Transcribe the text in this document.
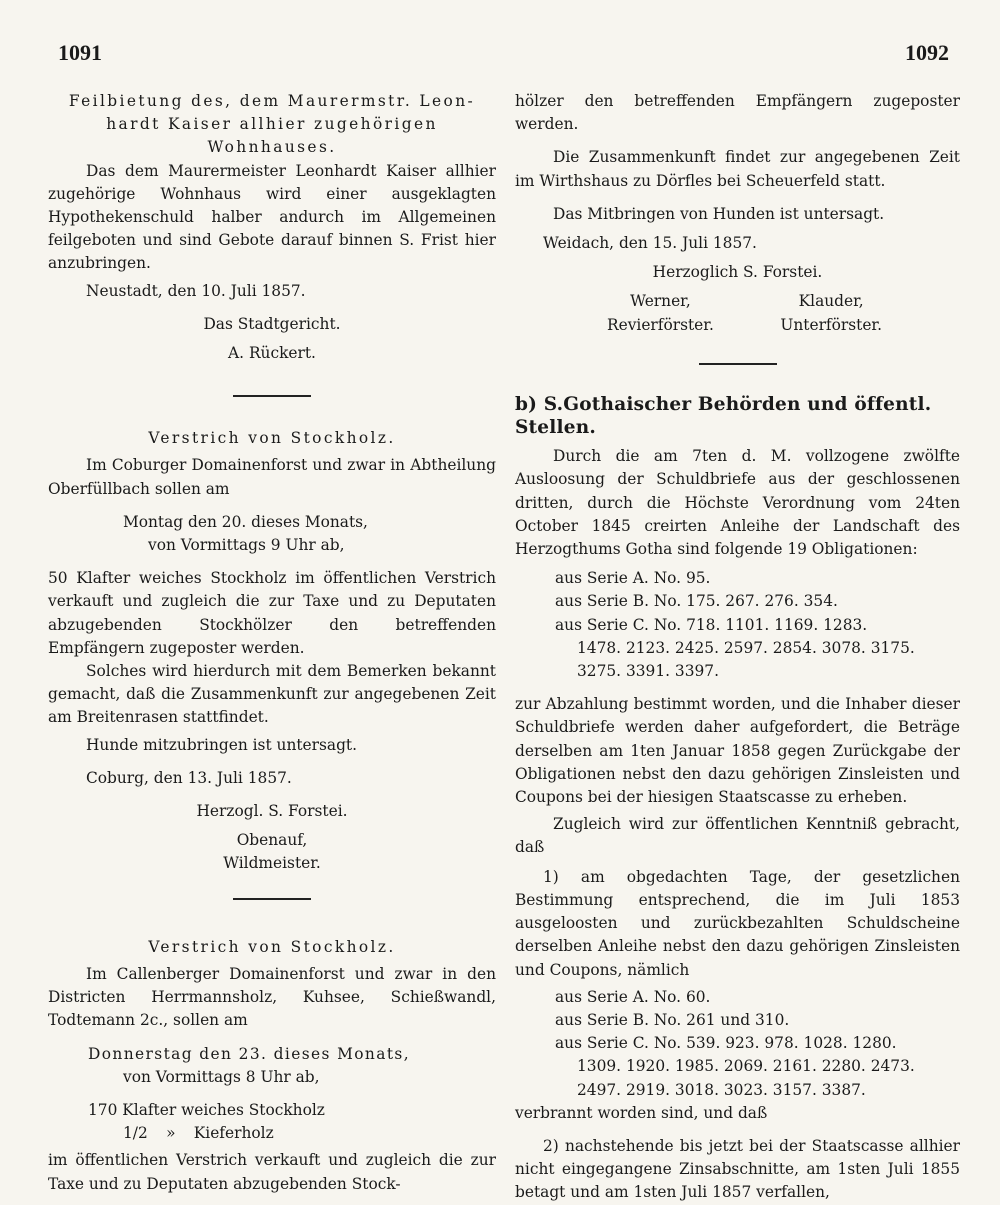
1091	1092

Feilbietung des, dem Maurermstr. Leon-

hardt Kaiser allhier zugehörigen

Wohnhauses.

Das dem Maurermeister Leonhardt Kaiser allhier zugehörige Wohnhaus wird einer ausgeklagten Hypothekenschuld halber andurch im Allgemeinen feilgeboten und sind Gebote darauf binnen S. Frist hier anzubringen.

Neustadt, den 10. Juli 1857.

Das Stadtgericht.

A. Rückert.

Verstrich von Stockholz.

Im Coburger Domainenforst und zwar in Abtheilung Oberfüllbach sollen am

Montag den 20. dieses Monats,

von Vormittags 9 Uhr ab,

50 Klafter weiches Stockholz im öffentlichen Verstrich verkauft und zugleich die zur Taxe und zu Deputaten abzugebenden Stockhölzer den betreffenden Empfängern zugeposter werden.

Solches wird hierdurch mit dem Bemerken bekannt gemacht, daß die Zusammenkunft zur angegebenen Zeit am Breitenrasen stattfindet.

Hunde mitzubringen ist untersagt.

Coburg, den 13. Juli 1857.

Herzogl. S. Forstei.

Obenauf,

Wildmeister.

Verstrich von Stockholz.

Im Callenberger Domainenforst und zwar in den Districten Herrmannsholz, Kuhsee, Schießwandl, Todtemann 2c., sollen am

Donnerstag den 23. dieses Monats,

von Vormittags 8 Uhr ab,

170 Klafter weiches Stockholz

1/2 » Kieferholz

im öffentlichen Verstrich verkauft und zugleich die zur Taxe und zu Deputaten abzugebenden Stock-

hölzer den betreffenden Empfängern zugeposter werden.

Die Zusammenkunft findet zur angegebenen Zeit im Wirthshaus zu Dörfles bei Scheuerfeld statt.

Das Mitbringen von Hunden ist untersagt.

Weidach, den 15. Juli 1857.

Herzoglich S. Forstei.

Werner,

Revierförster.

Klauder,

Unterförster.

b) S.Gothaischer Behörden und öffentl. Stellen.

Durch die am 7ten d. M. vollzogene zwölfte Ausloosung der Schuldbriefe aus der geschlossenen dritten, durch die Höchste Verordnung vom 24ten October 1845 creirten Anleihe der Landschaft des Herzogthums Gotha sind folgende 19 Obligationen:

aus Serie A. No. 95.

aus Serie B. No. 175. 267. 276. 354.

aus Serie C. No. 718. 1101. 1169. 1283.

1478. 2123. 2425. 2597. 2854. 3078. 3175.

3275. 3391. 3397.

zur Abzahlung bestimmt worden, und die Inhaber dieser Schuldbriefe werden daher aufgefordert, die Beträge derselben am 1ten Januar 1858 gegen Zurückgabe der Obligationen nebst den dazu gehörigen Zinsleisten und Coupons bei der hiesigen Staatscasse zu erheben.

Zugleich wird zur öffentlichen Kenntniß gebracht, daß

1) am obgedachten Tage, der gesetzlichen Bestimmung entsprechend, die im Juli 1853 ausgeloosten und zurückbezahlten Schuldscheine derselben Anleihe nebst den dazu gehörigen Zinsleisten und Coupons, nämlich

aus Serie A. No. 60.

aus Serie B. No. 261 und 310.

aus Serie C. No. 539. 923. 978. 1028. 1280.

1309. 1920. 1985. 2069. 2161. 2280. 2473.

2497. 2919. 3018. 3023. 3157. 3387.

verbrannt worden sind, und daß

2) nachstehende bis jetzt bei der Staatscasse allhier nicht eingegangene Zinsabschnitte, am 1sten Juli 1855 betagt und am 1sten Juli 1857 verfallen,
